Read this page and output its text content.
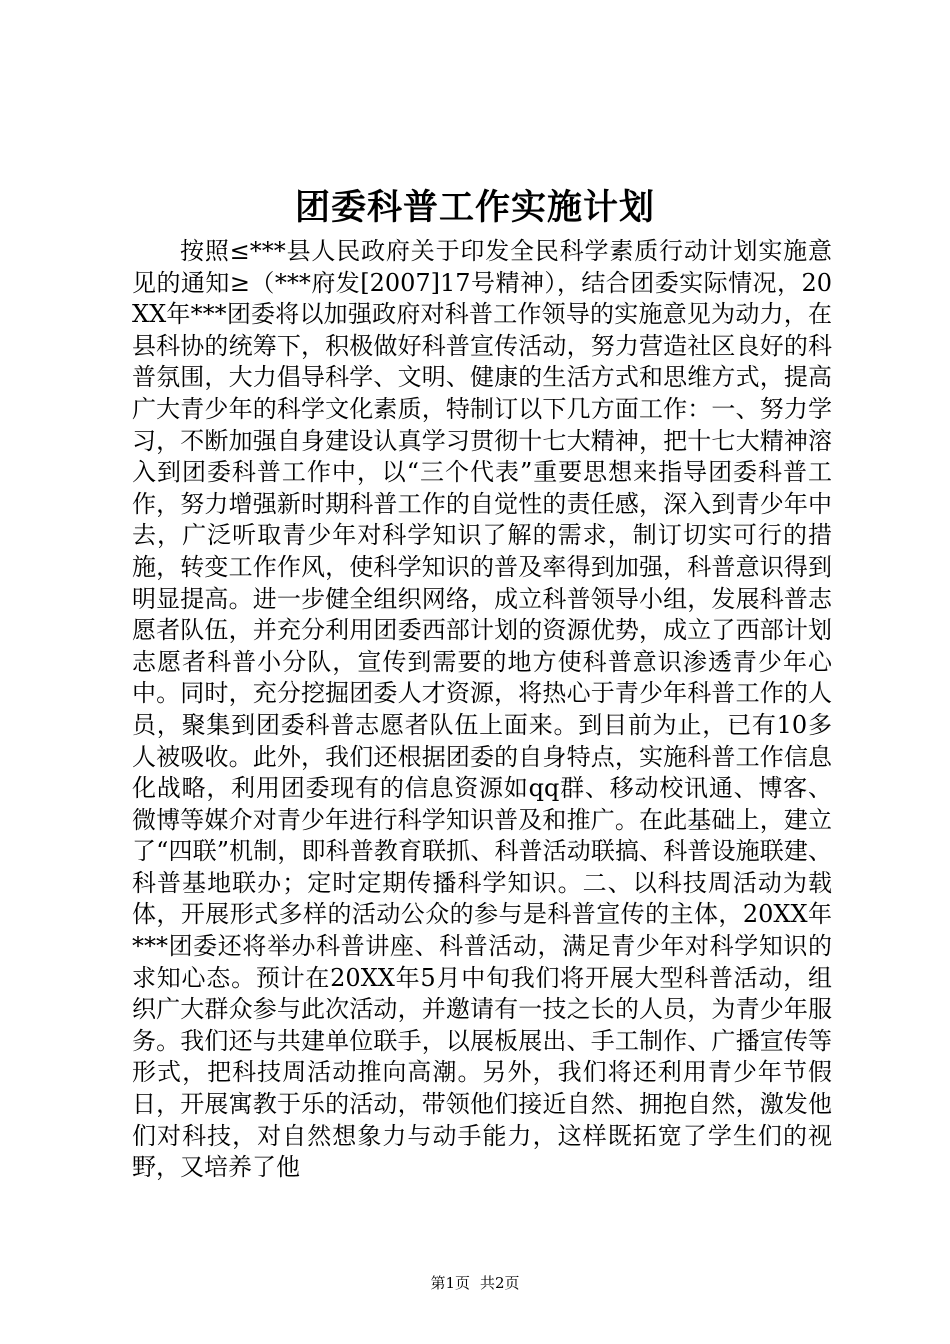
团委科普工作实施计划

按照≤***县人民政府关于印发全民科学素质行动计划实施意见的通知≥（***府发[2007]17号精神），结合团委实际情况，20XX年***团委将以加强政府对科普工作领导的实施意见为动力，在县科协的统筹下，积极做好科普宣传活动，努力营造社区良好的科普氛围，大力倡导科学、文明、健康的生活方式和思维方式，提高广大青少年的科学文化素质，特制订以下几方面工作：一、努力学习，不断加强自身建设认真学习贯彻十七大精神，把十七大精神溶入到团委科普工作中，以“三个代表”重要思想来指导团委科普工作，努力增强新时期科普工作的自觉性的责任感，深入到青少年中去，广泛听取青少年对科学知识了解的需求，制订切实可行的措施，转变工作作风，使科学知识的普及率得到加强，科普意识得到明显提高。进一步健全组织网络，成立科普领导小组，发展科普志愿者队伍，并充分利用团委西部计划的资源优势，成立了西部计划志愿者科普小分队，宣传到需要的地方使科普意识渗透青少年心中。同时，充分挖掘团委人才资源，将热心于青少年科普工作的人员，聚集到团委科普志愿者队伍上面来。到目前为止，已有10多人被吸收。此外，我们还根据团委的自身特点，实施科普工作信息化战略，利用团委现有的信息资源如qq群、移动校讯通、博客、微博等媒介对青少年进行科学知识普及和推广。在此基础上，建立了“四联”机制，即科普教育联抓、科普活动联搞、科普设施联建、科普基地联办；定时定期传播科学知识。二、以科技周活动为载体，开展形式多样的活动公众的参与是科普宣传的主体，20XX年***团委还将举办科普讲座、科普活动，满足青少年对科学知识的求知心态。预计在20XX年5月中旬我们将开展大型科普活动，组织广大群众参与此次活动，并邀请有一技之长的人员，为青少年服务。我们还与共建单位联手，以展板展出、手工制作、广播宣传等形式，把科技周活动推向高潮。另外，我们将还利用青少年节假日，开展寓教于乐的活动，带领他们接近自然、拥抱自然，激发他们对科技，对自然想象力与动手能力，这样既拓宽了学生们的视野，又培养了他

第1页 共2页
